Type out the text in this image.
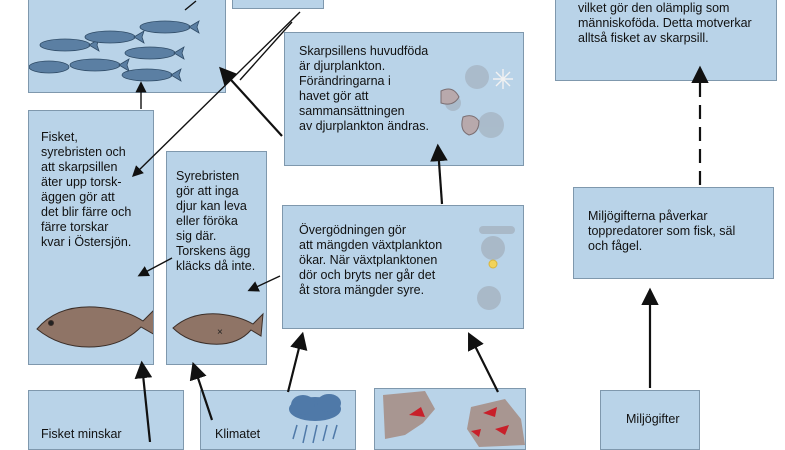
vilket gör den olämplig som
människoföda. Detta motverkar
alltså fisket av skarpsill.
Skarpsillens huvudföda
är djurplankton.
Förändringarna i
havet gör att
sammansättningen
av djurplankton ändras.
Fisket,
syrebristen och
att skarpsillen
äter upp torsk-
äggen gör att
det blir färre och
färre torskar
kvar i Östersjön.
Syrebristen
gör att inga
djur kan leva
eller föröka
sig där.
Torskens ägg
kläcks då inte.
×
Övergödningen gör
att mängden växtplankton
ökar. När växtplanktonen
dör och bryts ner går det
åt stora mängder syre.
Miljögifterna påverkar
toppredatorer som fisk, säl
och fågel.
Fisket minskar	Klimatet
Miljögifter
